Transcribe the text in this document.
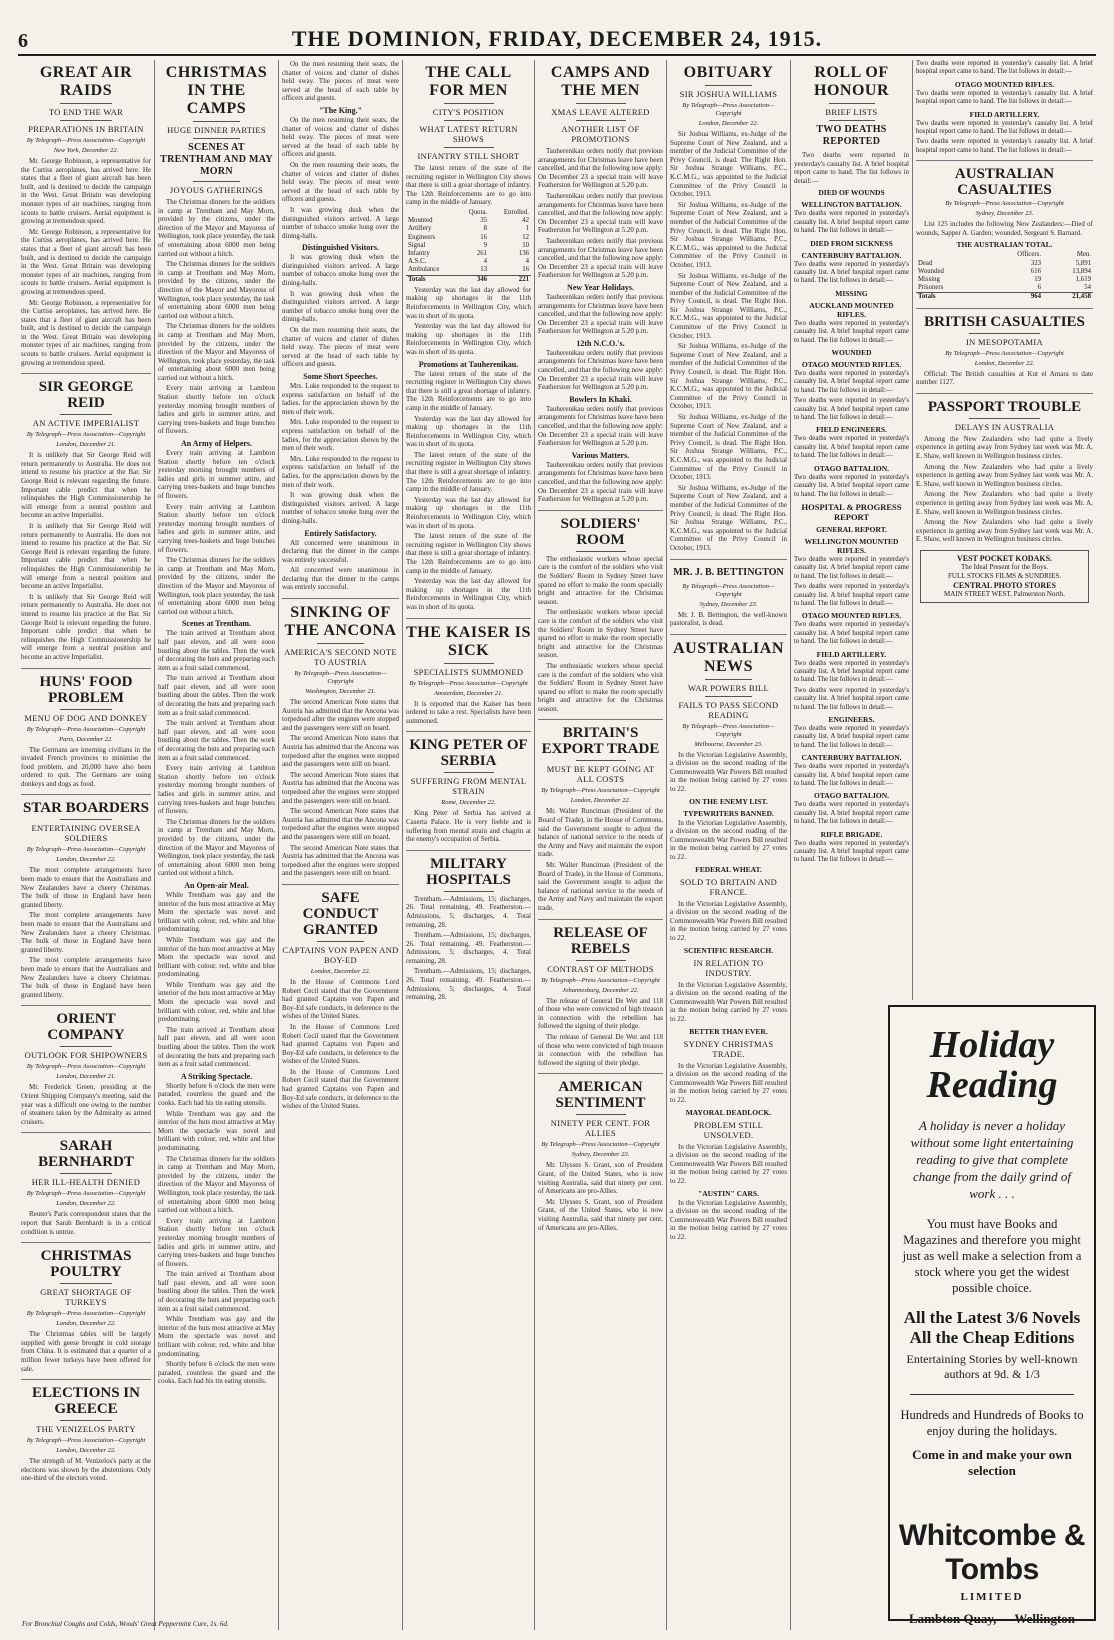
6	THE DOMINION, FRIDAY, DECEMBER 24, 1915.
GREAT AIR RAIDS
TO END THE WAR
PREPARATIONS IN BRITAIN
By Telegraph—Press Association—Copyright
New York, December 22.

Mr. George Robinson, a representative for the Curtiss aeroplanes, has arrived here. He states that a fleet of giant aircraft has been built, and is destined to decide the campaign in the West. Great Britain was developing monster types of air machines, ranging from scouts to battle cruisers. Aerial equipment is growing at tremendous speed.

Mr. George Robinson, a representative for the Curtiss aeroplanes, has arrived here. He states that a fleet of giant aircraft has been built, and is destined to decide the campaign in the West. Great Britain was developing monster types of air machines, ranging from scouts to battle cruisers. Aerial equipment is growing at tremendous speed.

Mr. George Robinson, a representative for the Curtiss aeroplanes, has arrived here. He states that a fleet of giant aircraft has been built, and is destined to decide the campaign in the West. Great Britain was developing monster types of air machines, ranging from scouts to battle cruisers. Aerial equipment is growing at tremendous speed.

SIR GEORGE REID
AN ACTIVE IMPERIALIST
By Telegraph—Press Association—Copyright
London, December 21.

It is unlikely that Sir George Reid will return permanently to Australia. He does not intend to resume his practice at the Bar. Sir George Reid is relevant regarding the future. Important cable predict that when he relinquishes the High Commissionership he will emerge from a neutral position and become an active Imperialist.

It is unlikely that Sir George Reid will return permanently to Australia. He does not intend to resume his practice at the Bar. Sir George Reid is relevant regarding the future. Important cable predict that when he relinquishes the High Commissionership he will emerge from a neutral position and become an active Imperialist.

It is unlikely that Sir George Reid will return permanently to Australia. He does not intend to resume his practice at the Bar. Sir George Reid is relevant regarding the future. Important cable predict that when he relinquishes the High Commissionership he will emerge from a neutral position and become an active Imperialist.

HUNS' FOOD PROBLEM
MENU OF DOG AND DONKEY
By Telegraph—Press Association—Copyright
Paris, December 22.

The Germans are interning civilians in the invaded French provinces to minimise the food problem, and 20,000 have also been ordered to quit. The Germans are using donkeys and dogs as food.

STAR BOARDERS
ENTERTAINING OVERSEA SOLDIERS
By Telegraph—Press Association—Copyright
London, December 22.

The most complete arrangements have been made to ensure that the Australians and New Zealanders have a cheery Christmas. The bulk of those in England have been granted liberty.

The most complete arrangements have been made to ensure that the Australians and New Zealanders have a cheery Christmas. The bulk of those in England have been granted liberty.

The most complete arrangements have been made to ensure that the Australians and New Zealanders have a cheery Christmas. The bulk of those in England have been granted liberty.

ORIENT COMPANY
OUTLOOK FOR SHIPOWNERS
By Telegraph—Press Association—Copyright
London, December 21.

Mr. Frederick Green, presiding at the Orient Shipping Company's meeting, said the year was a difficult one owing to the number of steamers taken by the Admiralty as armed cruisers.

SARAH BERNHARDT
HER ILL-HEALTH DENIED
By Telegraph—Press Association—Copyright
London, December 22.

Reuter's Paris correspondent states that the report that Sarah Bernhardt is in a critical condition is untrue.

CHRISTMAS POULTRY
GREAT SHORTAGE OF TURKEYS
By Telegraph—Press Association—Copyright
London, December 22.

The Christmas tables will be largely supplied with geese brought in cold storage from China. It is estimated that a quarter of a million fewer turkeys have been offered for sale.

ELECTIONS IN GREECE
THE VENIZELOS PARTY
By Telegraph—Press Association—Copyright
London, December 22.

The strength of M. Venizelos's party at the elections was shown by the abstentions. Only one-third of the electors voted.

CHRISTMAS IN THE CAMPS
HUGE DINNER PARTIES
SCENES AT TRENTHAM AND MAY MORN
JOYOUS GATHERINGS

The Christmas dinners for the soldiers in camp at Trentham and May Morn, provided by the citizens, under the direction of the Mayor and Mayoress of Wellington, took place yesterday, the task of entertaining about 6000 men being carried out without a hitch.

The Christmas dinners for the soldiers in camp at Trentham and May Morn, provided by the citizens, under the direction of the Mayor and Mayoress of Wellington, took place yesterday, the task of entertaining about 6000 men being carried out without a hitch.

The Christmas dinners for the soldiers in camp at Trentham and May Morn, provided by the citizens, under the direction of the Mayor and Mayoress of Wellington, took place yesterday, the task of entertaining about 6000 men being carried out without a hitch.

Every train arriving at Lambton Station shortly before ten o'clock yesterday morning brought numbers of ladies and girls in summer attire, and carrying trees-baskets and huge bunches of flowers.

An Army of Helpers.

Every train arriving at Lambton Station shortly before ten o'clock yesterday morning brought numbers of ladies and girls in summer attire, and carrying trees-baskets and huge bunches of flowers.

Every train arriving at Lambton Station shortly before ten o'clock yesterday morning brought numbers of ladies and girls in summer attire, and carrying trees-baskets and huge bunches of flowers.

The Christmas dinners for the soldiers in camp at Trentham and May Morn, provided by the citizens, under the direction of the Mayor and Mayoress of Wellington, took place yesterday, the task of entertaining about 6000 men being carried out without a hitch.

Scenes at Trentham.

The train arrived at Trentham about half past eleven, and all were soon bustling about the tables. Then the work of decorating the huts and preparing each item as a fruit salad commenced.

The train arrived at Trentham about half past eleven, and all were soon bustling about the tables. Then the work of decorating the huts and preparing each item as a fruit salad commenced.

The train arrived at Trentham about half past eleven, and all were soon bustling about the tables. Then the work of decorating the huts and preparing each item as a fruit salad commenced.

Every train arriving at Lambton Station shortly before ten o'clock yesterday morning brought numbers of ladies and girls in summer attire, and carrying trees-baskets and huge bunches of flowers.

The Christmas dinners for the soldiers in camp at Trentham and May Morn, provided by the citizens, under the direction of the Mayor and Mayoress of Wellington, took place yesterday, the task of entertaining about 6000 men being carried out without a hitch.

An Open-air Meal.

While Trentham was gay and the interior of the huts most attractive at May Morn the spectacle was novel and brilliant with colour, red, white and blue predominating.

While Trentham was gay and the interior of the huts most attractive at May Morn the spectacle was novel and brilliant with colour, red, white and blue predominating.

While Trentham was gay and the interior of the huts most attractive at May Morn the spectacle was novel and brilliant with colour, red, white and blue predominating.

The train arrived at Trentham about half past eleven, and all were soon bustling about the tables. Then the work of decorating the huts and preparing each item as a fruit salad commenced.

A Striking Spectacle.

Shortly before 6 o'clock the men were paraded, countless the guard and the cooks. Each had his tin eating utensils.

While Trentham was gay and the interior of the huts most attractive at May Morn the spectacle was novel and brilliant with colour, red, white and blue predominating.

The Christmas dinners for the soldiers in camp at Trentham and May Morn, provided by the citizens, under the direction of the Mayor and Mayoress of Wellington, took place yesterday, the task of entertaining about 6000 men being carried out without a hitch.

Every train arriving at Lambton Station shortly before ten o'clock yesterday morning brought numbers of ladies and girls in summer attire, and carrying trees-baskets and huge bunches of flowers.

The train arrived at Trentham about half past eleven, and all were soon bustling about the tables. Then the work of decorating the huts and preparing each item as a fruit salad commenced.

While Trentham was gay and the interior of the huts most attractive at May Morn the spectacle was novel and brilliant with colour, red, white and blue predominating.

Shortly before 6 o'clock the men were paraded, countless the guard and the cooks. Each had his tin eating utensils.

On the men resuming their seats, the chatter of voices and clatter of dishes held sway. The pieces of meat were served at the head of each table by officers and guests.

"The King."

On the men resuming their seats, the chatter of voices and clatter of dishes held sway. The pieces of meat were served at the head of each table by officers and guests.

On the men resuming their seats, the chatter of voices and clatter of dishes held sway. The pieces of meat were served at the head of each table by officers and guests.

It was growing dusk when the distinguished visitors arrived. A large number of tobacco smoke hung over the dining-halls.

Distinguished Visitors.

It was growing dusk when the distinguished visitors arrived. A large number of tobacco smoke hung over the dining-halls.

It was growing dusk when the distinguished visitors arrived. A large number of tobacco smoke hung over the dining-halls.

On the men resuming their seats, the chatter of voices and clatter of dishes held sway. The pieces of meat were served at the head of each table by officers and guests.

Some Short Speeches.

Mrs. Luke responded to the request to express satisfaction on behalf of the ladies, for the appreciation shown by the men of their work.

Mrs. Luke responded to the request to express satisfaction on behalf of the ladies, for the appreciation shown by the men of their work.

Mrs. Luke responded to the request to express satisfaction on behalf of the ladies, for the appreciation shown by the men of their work.

It was growing dusk when the distinguished visitors arrived. A large number of tobacco smoke hung over the dining-halls.

Entirely Satisfactory.

All concerned were unanimous in declaring that the dinner in the camps was entirely successful.

All concerned were unanimous in declaring that the dinner in the camps was entirely successful.

SINKING OF THE ANCONA
AMERICA'S SECOND NOTE TO AUSTRIA
By Telegraph—Press Association—Copyright
Washington, December 21.

The second American Note states that Austria has admitted that the Ancona was torpedoed after the engines were stopped and the passengers were still on board.

The second American Note states that Austria has admitted that the Ancona was torpedoed after the engines were stopped and the passengers were still on board.

The second American Note states that Austria has admitted that the Ancona was torpedoed after the engines were stopped and the passengers were still on board.

The second American Note states that Austria has admitted that the Ancona was torpedoed after the engines were stopped and the passengers were still on board.

The second American Note states that Austria has admitted that the Ancona was torpedoed after the engines were stopped and the passengers were still on board.

SAFE CONDUCT GRANTED
CAPTAINS VON PAPEN AND BOY-ED
London, December 22.

In the House of Commons Lord Robert Cecil stated that the Government had granted Captains von Papen and Boy-Ed safe conducts, in deference to the wishes of the United States.

In the House of Commons Lord Robert Cecil stated that the Government had granted Captains von Papen and Boy-Ed safe conducts, in deference to the wishes of the United States.

In the House of Commons Lord Robert Cecil stated that the Government had granted Captains von Papen and Boy-Ed safe conducts, in deference to the wishes of the United States.

THE CALL FOR MEN
CITY'S POSITION
WHAT LATEST RETURN SHOWS
INFANTRY STILL SHORT

The latest return of the state of the recruiting register in Wellington City shows that there is still a great shortage of infantry. The 12th Reinforcements are to go into camp in the middle of January.

	Quota.	Enrolled.
Mounted	35	42
Artillery	8	1
Engineers	16	12
Signal	9	10
Infantry	261	136
A.S.C.	4	4
Ambulance	13	16
Totals	346	221

Yesterday was the last day allowed for making up shortages in the 11th Reinforcements in Wellington City, which was in short of its quota.

Yesterday was the last day allowed for making up shortages in the 11th Reinforcements in Wellington City, which was in short of its quota.

Promotions at Tauherenikau.

The latest return of the state of the recruiting register in Wellington City shows that there is still a great shortage of infantry. The 12th Reinforcements are to go into camp in the middle of January.

Yesterday was the last day allowed for making up shortages in the 11th Reinforcements in Wellington City, which was in short of its quota.

The latest return of the state of the recruiting register in Wellington City shows that there is still a great shortage of infantry. The 12th Reinforcements are to go into camp in the middle of January.

Yesterday was the last day allowed for making up shortages in the 11th Reinforcements in Wellington City, which was in short of its quota.

The latest return of the state of the recruiting register in Wellington City shows that there is still a great shortage of infantry. The 12th Reinforcements are to go into camp in the middle of January.

Yesterday was the last day allowed for making up shortages in the 11th Reinforcements in Wellington City, which was in short of its quota.

THE KAISER IS SICK
SPECIALISTS SUMMONED
By Telegraph—Press Association—Copyright
Amsterdam, December 21.

It is reported that the Kaiser has been ordered to take a rest. Specialists have been summoned.

KING PETER OF SERBIA
SUFFERING FROM MENTAL STRAIN
Rome, December 22.

King Peter of Serbia has arrived at Caserta Palace. He is very feeble and is suffering from mental strain and chagrin at the enemy's occupation of Serbia.

MILITARY HOSPITALS

Trentham.—Admissions, 15; discharges, 26. Total remaining, 49. Featherston.—Admissions, 5; discharges, 4. Total remaining, 28.

Trentham.—Admissions, 15; discharges, 26. Total remaining, 49. Featherston.—Admissions, 5; discharges, 4. Total remaining, 28.

Trentham.—Admissions, 15; discharges, 26. Total remaining, 49. Featherston.—Admissions, 5; discharges, 4. Total remaining, 28.

CAMPS AND THE MEN
XMAS LEAVE ALTERED
ANOTHER LIST OF PROMOTIONS

Tauherenikau orders notify that previous arrangements for Christmas leave have been cancelled, and that the following now apply: On December 23 a special train will leave Featherston for Wellington at 5.20 p.m.

Tauherenikau orders notify that previous arrangements for Christmas leave have been cancelled, and that the following now apply: On December 23 a special train will leave Featherston for Wellington at 5.20 p.m.

Tauherenikau orders notify that previous arrangements for Christmas leave have been cancelled, and that the following now apply: On December 23 a special train will leave Featherston for Wellington at 5.20 p.m.

New Year Holidays.

Tauherenikau orders notify that previous arrangements for Christmas leave have been cancelled, and that the following now apply: On December 23 a special train will leave Featherston for Wellington at 5.20 p.m.

12th N.C.O.'s.

Tauherenikau orders notify that previous arrangements for Christmas leave have been cancelled, and that the following now apply: On December 23 a special train will leave Featherston for Wellington at 5.20 p.m.

Bowlers In Khaki.

Tauherenikau orders notify that previous arrangements for Christmas leave have been cancelled, and that the following now apply: On December 23 a special train will leave Featherston for Wellington at 5.20 p.m.

Various Matters.

Tauherenikau orders notify that previous arrangements for Christmas leave have been cancelled, and that the following now apply: On December 23 a special train will leave Featherston for Wellington at 5.20 p.m.

SOLDIERS' ROOM

The enthusiastic workers whose special care is the comfort of the soldiers who visit the Soldiers' Room in Sydney Street have spared no effort to make the room specially bright and attractive for the Christmas season.

The enthusiastic workers whose special care is the comfort of the soldiers who visit the Soldiers' Room in Sydney Street have spared no effort to make the room specially bright and attractive for the Christmas season.

The enthusiastic workers whose special care is the comfort of the soldiers who visit the Soldiers' Room in Sydney Street have spared no effort to make the room specially bright and attractive for the Christmas season.

BRITAIN'S EXPORT TRADE
MUST BE KEPT GOING AT ALL COSTS
By Telegraph—Press Association—Copyright
London, December 22.

Mr. Walter Runciman (President of the Board of Trade), in the House of Commons, said the Government sought to adjust the balance of national service to the needs of the Army and Navy and maintain the export trade.

Mr. Walter Runciman (President of the Board of Trade), in the House of Commons, said the Government sought to adjust the balance of national service to the needs of the Army and Navy and maintain the export trade.

RELEASE OF REBELS
CONTRAST OF METHODS
By Telegraph—Press Association—Copyright
Johannesburg, December 22.

The release of General De Wet and 118 of those who were convicted of high treason in connection with the rebellion has followed the signing of their pledge.

The release of General De Wet and 118 of those who were convicted of high treason in connection with the rebellion has followed the signing of their pledge.

AMERICAN SENTIMENT
NINETY PER CENT. FOR ALLIES
By Telegraph—Press Association—Copyright
Sydney, December 23.

Mr. Ulysses S. Grant, son of President Grant, of the United States, who is now visiting Australia, said that ninety per cent. of Americans are pro-Allies.

Mr. Ulysses S. Grant, son of President Grant, of the United States, who is now visiting Australia, said that ninety per cent. of Americans are pro-Allies.

OBITUARY
SIR JOSHUA WILLIAMS
By Telegraph—Press Association—Copyright
London, December 22.

Sir Joshua Williams, ex-Judge of the Supreme Court of New Zealand, and a member of the Judicial Committee of the Privy Council, is dead. The Right Hon. Sir Joshua Strange Williams, P.C., K.C.M.G., was appointed to the Judicial Committee of the Privy Council in October, 1913.

Sir Joshua Williams, ex-Judge of the Supreme Court of New Zealand, and a member of the Judicial Committee of the Privy Council, is dead. The Right Hon. Sir Joshua Strange Williams, P.C., K.C.M.G., was appointed to the Judicial Committee of the Privy Council in October, 1913.

Sir Joshua Williams, ex-Judge of the Supreme Court of New Zealand, and a member of the Judicial Committee of the Privy Council, is dead. The Right Hon. Sir Joshua Strange Williams, P.C., K.C.M.G., was appointed to the Judicial Committee of the Privy Council in October, 1913.

Sir Joshua Williams, ex-Judge of the Supreme Court of New Zealand, and a member of the Judicial Committee of the Privy Council, is dead. The Right Hon. Sir Joshua Strange Williams, P.C., K.C.M.G., was appointed to the Judicial Committee of the Privy Council in October, 1913.

Sir Joshua Williams, ex-Judge of the Supreme Court of New Zealand, and a member of the Judicial Committee of the Privy Council, is dead. The Right Hon. Sir Joshua Strange Williams, P.C., K.C.M.G., was appointed to the Judicial Committee of the Privy Council in October, 1913.

Sir Joshua Williams, ex-Judge of the Supreme Court of New Zealand, and a member of the Judicial Committee of the Privy Council, is dead. The Right Hon. Sir Joshua Strange Williams, P.C., K.C.M.G., was appointed to the Judicial Committee of the Privy Council in October, 1913.

MR. J. B. BETTINGTON
By Telegraph—Press Association—Copyright
Sydney, December 23.

Mr. J. B. Bettington, the well-known pastoralist, is dead.

AUSTRALIAN NEWS
WAR POWERS BILL
FAILS TO PASS SECOND READING
By Telegraph—Press Association—Copyright
Melbourne, December 23.

In the Victorian Legislative Assembly, a division on the second reading of the Commonwealth War Powers Bill resulted in the motion being carried by 27 votes to 22.

ON THE ENEMY LIST.
TYPEWRITERS BANNED.

In the Victorian Legislative Assembly, a division on the second reading of the Commonwealth War Powers Bill resulted in the motion being carried by 27 votes to 22.

FEDERAL WHEAT.
SOLD TO BRITAIN AND FRANCE.

In the Victorian Legislative Assembly, a division on the second reading of the Commonwealth War Powers Bill resulted in the motion being carried by 27 votes to 22.

SCIENTIFIC RESEARCH.
IN RELATION TO INDUSTRY.

In the Victorian Legislative Assembly, a division on the second reading of the Commonwealth War Powers Bill resulted in the motion being carried by 27 votes to 22.

BETTER THAN EVER.
SYDNEY CHRISTMAS TRADE.

In the Victorian Legislative Assembly, a division on the second reading of the Commonwealth War Powers Bill resulted in the motion being carried by 27 votes to 22.

MAYORAL DEADLOCK.
PROBLEM STILL UNSOLVED.

In the Victorian Legislative Assembly, a division on the second reading of the Commonwealth War Powers Bill resulted in the motion being carried by 27 votes to 22.

"AUSTIN" CARS.

In the Victorian Legislative Assembly, a division on the second reading of the Commonwealth War Powers Bill resulted in the motion being carried by 27 votes to 22.

ROLL OF HONOUR
BRIEF LISTS
TWO DEATHS REPORTED

Two deaths were reported in yesterday's casualty list. A brief hospital report came to hand. The list follows in detail:—

DIED OF WOUNDS
WELLINGTON BATTALION.

Two deaths were reported in yesterday's casualty list. A brief hospital report came to hand. The list follows in detail:—

DIED FROM SICKNESS
CANTERBURY BATTALION.

Two deaths were reported in yesterday's casualty list. A brief hospital report came to hand. The list follows in detail:—

MISSING
AUCKLAND MOUNTED RIFLES.

Two deaths were reported in yesterday's casualty list. A brief hospital report came to hand. The list follows in detail:—

WOUNDED
OTAGO MOUNTED RIFLES.

Two deaths were reported in yesterday's casualty list. A brief hospital report came to hand. The list follows in detail:—

Two deaths were reported in yesterday's casualty list. A brief hospital report came to hand. The list follows in detail:—

FIELD ENGINEERS.

Two deaths were reported in yesterday's casualty list. A brief hospital report came to hand. The list follows in detail:—

OTAGO BATTALION.

Two deaths were reported in yesterday's casualty list. A brief hospital report came to hand. The list follows in detail:—

HOSPITAL & PROGRESS REPORT
GENERAL REPORT.
WELLINGTON MOUNTED RIFLES.

Two deaths were reported in yesterday's casualty list. A brief hospital report came to hand. The list follows in detail:—

Two deaths were reported in yesterday's casualty list. A brief hospital report came to hand. The list follows in detail:—

OTAGO MOUNTED RIFLES.

Two deaths were reported in yesterday's casualty list. A brief hospital report came to hand. The list follows in detail:—

FIELD ARTILLERY.

Two deaths were reported in yesterday's casualty list. A brief hospital report came to hand. The list follows in detail:—

Two deaths were reported in yesterday's casualty list. A brief hospital report came to hand. The list follows in detail:—

ENGINEERS.

Two deaths were reported in yesterday's casualty list. A brief hospital report came to hand. The list follows in detail:—

CANTERBURY BATTALION.

Two deaths were reported in yesterday's casualty list. A brief hospital report came to hand. The list follows in detail:—

OTAGO BATTALION.

Two deaths were reported in yesterday's casualty list. A brief hospital report came to hand. The list follows in detail:—

RIFLE BRIGADE.

Two deaths were reported in yesterday's casualty list. A brief hospital report came to hand. The list follows in detail:—

Two deaths were reported in yesterday's casualty list. A brief hospital report came to hand. The list follows in detail:—

OTAGO MOUNTED RIFLES.

Two deaths were reported in yesterday's casualty list. A brief hospital report came to hand. The list follows in detail:—

FIELD ARTILLERY.

Two deaths were reported in yesterday's casualty list. A brief hospital report came to hand. The list follows in detail:—

Two deaths were reported in yesterday's casualty list. A brief hospital report came to hand. The list follows in detail:—

AUSTRALIAN CASUALTIES
By Telegraph—Press Association—Copyright
Sydney, December 23.

List 125 includes the following New Zealanders:—Died of wounds, Sapper A. Garden; wounded, Sergeant S. Barnard.

THE AUSTRALIAN TOTAL.
	Officers.	Men.
Dead	323	5,891
Wounded	616	13,894
Missing	19	1,619
Prisoners	6	54
Totals	964	21,458
BRITISH CASUALTIES
IN MESOPOTAMIA
By Telegraph—Press Association—Copyright
London, December 22.

Official: The British casualties at Kut el Amara to date number 1127.

PASSPORT TROUBLE
DELAYS IN AUSTRALIA

Among the New Zealanders who had quite a lively experience in getting away from Sydney last week was Mr. A. E. Shaw, well known in Wellington business circles.

Among the New Zealanders who had quite a lively experience in getting away from Sydney last week was Mr. A. E. Shaw, well known in Wellington business circles.

Among the New Zealanders who had quite a lively experience in getting away from Sydney last week was Mr. A. E. Shaw, well known in Wellington business circles.

Among the New Zealanders who had quite a lively experience in getting away from Sydney last week was Mr. A. E. Shaw, well known in Wellington business circles.

VEST POCKET KODAKS.
The Ideal Present for the Boys.
FULL STOCKS FILMS & SUNDRIES.
CENTRAL PHOTO STORES
MAIN STREET WEST, Palmerston North.
Holiday Reading
A holiday is never a holiday without some light entertaining reading to give that complete change from the daily grind of work . . .
You must have Books and Magazines and therefore you might just as well make a selection from a stock where you get the widest possible choice.
All the Latest 3/6 Novels All the Cheap Editions
Entertaining Stories by well-known authors at 9d. & 1/3
Hundreds and Hundreds of Books to enjoy during the holidays.
Come in and make your own selection
Whitcombe & Tombs
LIMITED
Lambton Quay, Wellington
For Bronchial Coughs and Colds, Woods' Great Peppermint Cure, 1s. 6d.
